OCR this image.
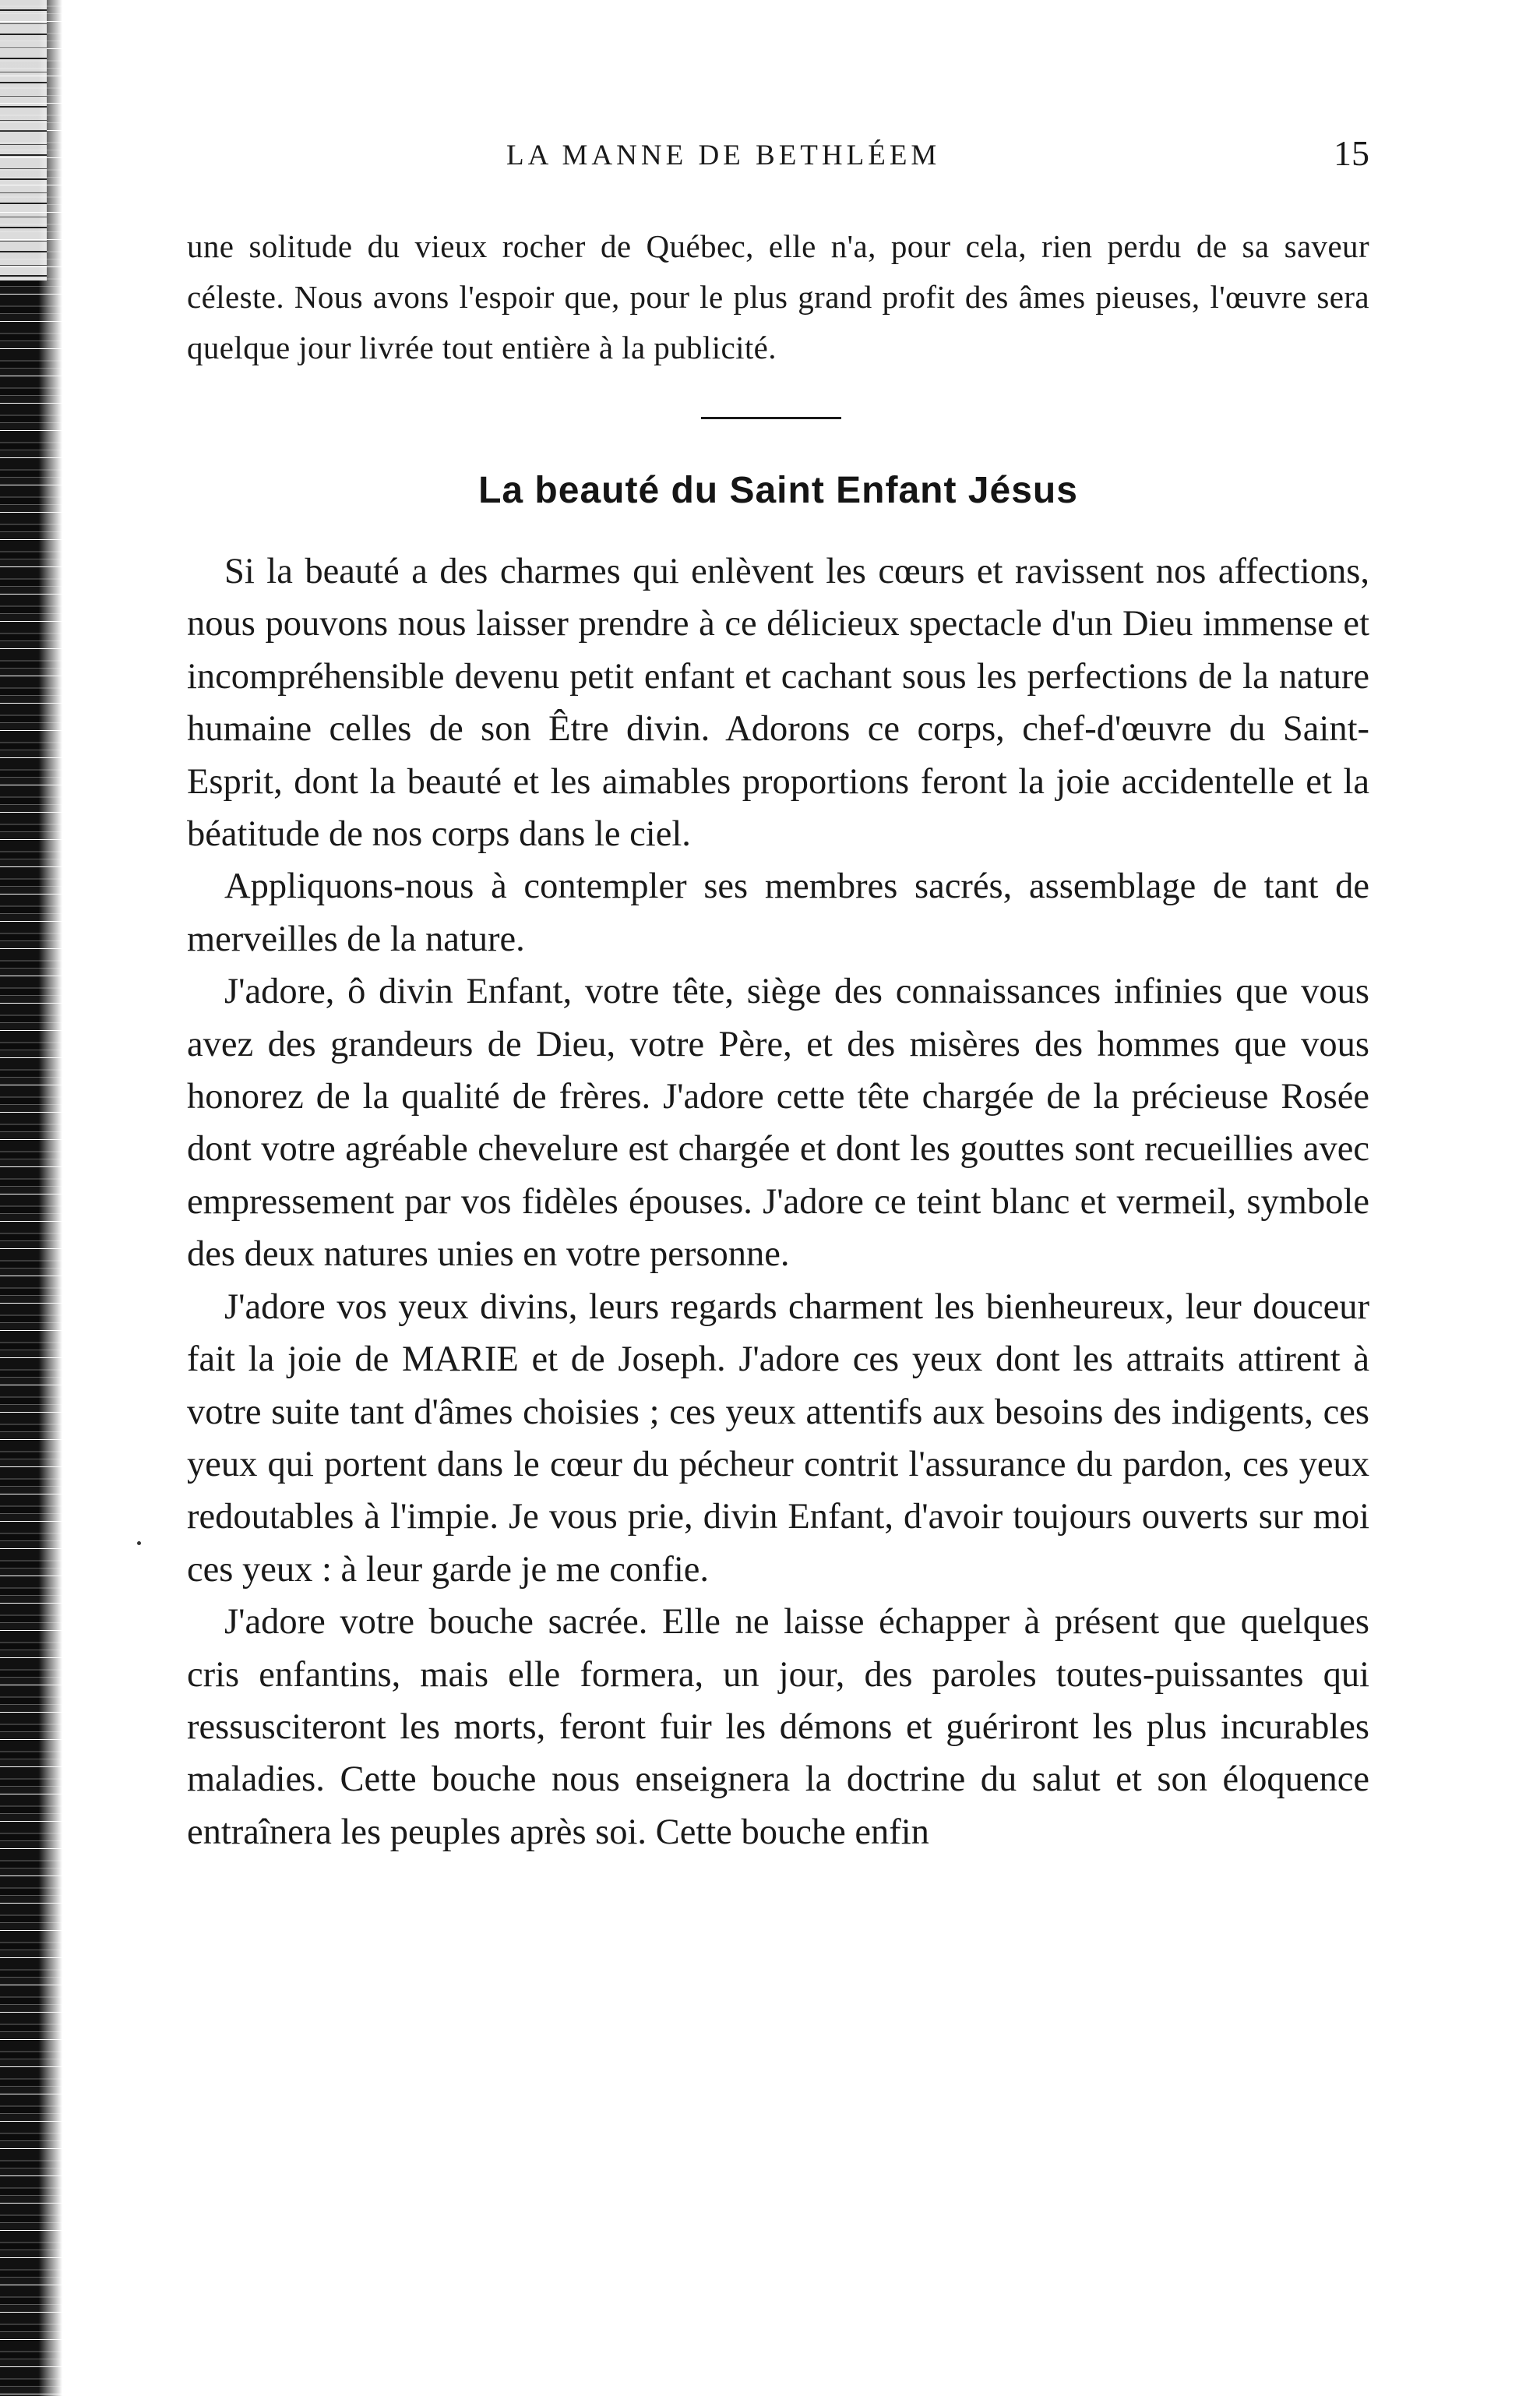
LA MANNE DE BETHLÉEM	15

une solitude du vieux rocher de Québec, elle n'a, pour cela, rien perdu de sa saveur céleste. Nous avons l'espoir que, pour le plus grand profit des âmes pieuses, l'œuvre sera quelque jour livrée tout entière à la publicité.

La beauté du Saint Enfant Jésus

Si la beauté a des charmes qui enlèvent les cœurs et ravissent nos affections, nous pouvons nous laisser prendre à ce délicieux spectacle d'un Dieu immense et incompréhensible devenu petit enfant et cachant sous les perfections de la nature humaine celles de son Être divin. Adorons ce corps, chef-d'œuvre du Saint-Esprit, dont la beauté et les aimables proportions feront la joie accidentelle et la béatitude de nos corps dans le ciel.

Appliquons-nous à contempler ses membres sacrés, assemblage de tant de merveilles de la nature.

J'adore, ô divin Enfant, votre tête, siège des connaissances infinies que vous avez des grandeurs de Dieu, votre Père, et des misères des hommes que vous honorez de la qualité de frères. J'adore cette tête chargée de la précieuse Rosée dont votre agréable chevelure est chargée et dont les gouttes sont recueillies avec empressement par vos fidèles épouses. J'adore ce teint blanc et vermeil, symbole des deux natures unies en votre personne.

J'adore vos yeux divins, leurs regards charment les bienheureux, leur douceur fait la joie de MARIE et de Joseph. J'adore ces yeux dont les attraits attirent à votre suite tant d'âmes choisies ; ces yeux attentifs aux besoins des indigents, ces yeux qui portent dans le cœur du pécheur contrit l'assurance du pardon, ces yeux redoutables à l'impie. Je vous prie, divin Enfant, d'avoir toujours ouverts sur moi ces yeux : à leur garde je me confie.

J'adore votre bouche sacrée. Elle ne laisse échapper à présent que quelques cris enfantins, mais elle formera, un jour, des paroles toutes-puissantes qui ressusciteront les morts, feront fuir les démons et guériront les plus incurables maladies. Cette bouche nous enseignera la doctrine du salut et son éloquence entraînera les peuples après soi. Cette bouche enfin
